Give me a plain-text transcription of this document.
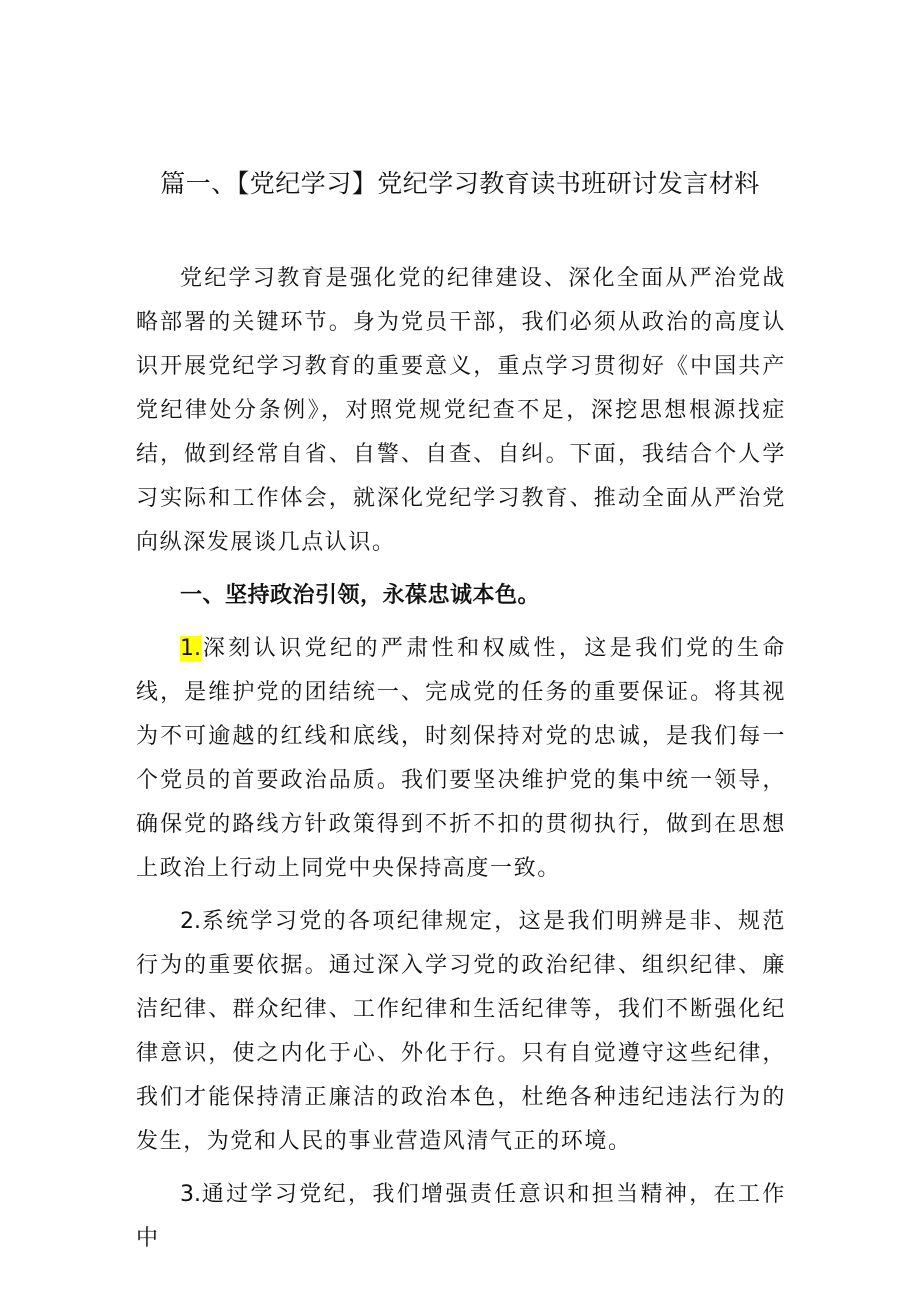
篇一、【党纪学习】党纪学习教育读书班研讨发言材料

党纪学习教育是强化党的纪律建设、深化全面从严治党战略部署的关键环节。身为党员干部，我们必须从政治的高度认识开展党纪学习教育的重要意义，重点学习贯彻好《中国共产党纪律处分条例》，对照党规党纪查不足，深挖思想根源找症结，做到经常自省、自警、自查、自纠。下面，我结合个人学习实际和工作体会，就深化党纪学习教育、推动全面从严治党向纵深发展谈几点认识。

一、坚持政治引领，永葆忠诚本色。

1.深刻认识党纪的严肃性和权威性，这是我们党的生命线，是维护党的团结统一、完成党的任务的重要保证。将其视为不可逾越的红线和底线，时刻保持对党的忠诚，是我们每一个党员的首要政治品质。我们要坚决维护党的集中统一领导，确保党的路线方针政策得到不折不扣的贯彻执行，做到在思想上政治上行动上同党中央保持高度一致。

2.系统学习党的各项纪律规定，这是我们明辨是非、规范行为的重要依据。通过深入学习党的政治纪律、组织纪律、廉洁纪律、群众纪律、工作纪律和生活纪律等，我们不断强化纪律意识，使之内化于心、外化于行。只有自觉遵守这些纪律，我们才能保持清正廉洁的政治本色，杜绝各种违纪违法行为的发生，为党和人民的事业营造风清气正的环境。

3.通过学习党纪，我们增强责任意识和担当精神，在工作中
